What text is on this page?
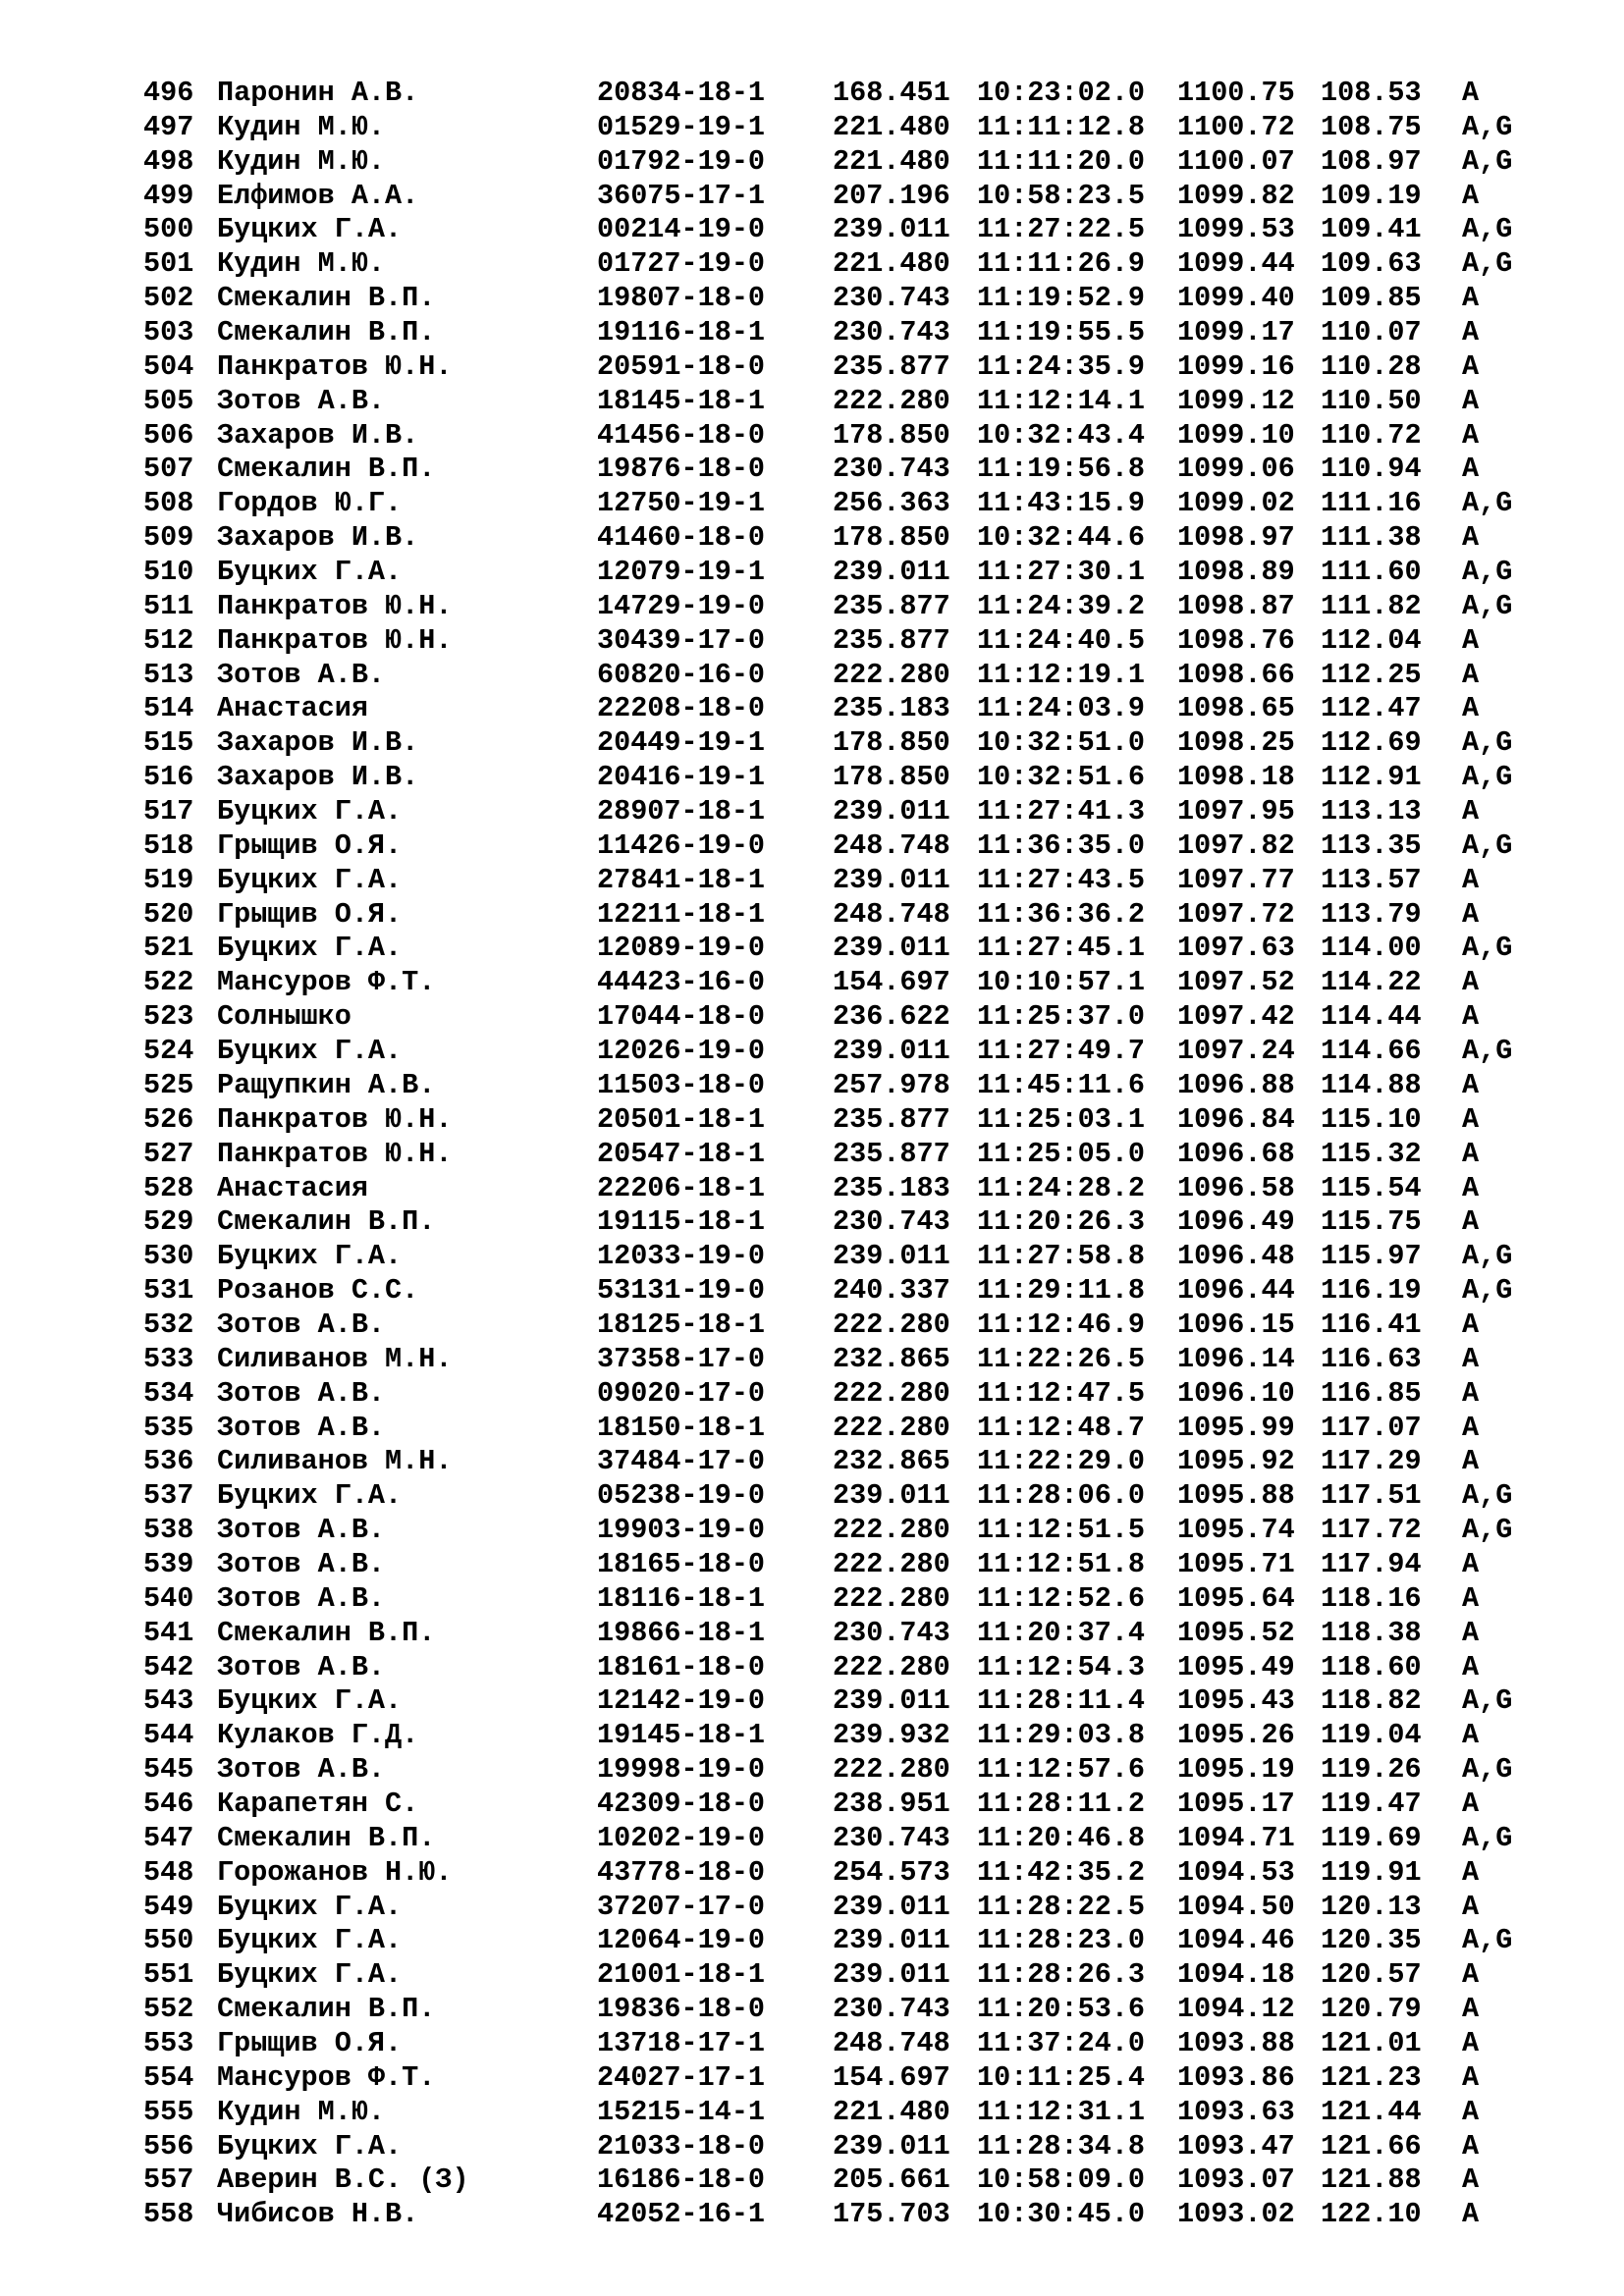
496 Паронин А.В.	20834-18-1 168.451 10:23:02.0 1100.75 108.53 A
497 Кудин М.Ю.	01529-19-1 221.480 11:11:12.8 1100.72 108.75 A,G
498 Кудин М.Ю.	01792-19-0 221.480 11:11:20.0 1100.07 108.97 A,G
499 Елфимов А.А.	36075-17-1 207.196 10:58:23.5 1099.82 109.19 A
500 Буцких Г.А.	00214-19-0 239.011 11:27:22.5 1099.53 109.41 A,G
501 Кудин М.Ю.	01727-19-0 221.480 11:11:26.9 1099.44 109.63 A,G
502 Смекалин В.П.	19807-18-0 230.743 11:19:52.9 1099.40 109.85 A
503 Смекалин В.П.	19116-18-1 230.743 11:19:55.5 1099.17 110.07 A
504 Панкратов Ю.Н.	20591-18-0 235.877 11:24:35.9 1099.16 110.28 A
505 Зотов А.В.	18145-18-1 222.280 11:12:14.1 1099.12 110.50 A
506 Захаров И.В.	41456-18-0 178.850 10:32:43.4 1099.10 110.72 A
507 Смекалин В.П.	19876-18-0 230.743 11:19:56.8 1099.06 110.94 A
508 Гордов Ю.Г.	12750-19-1 256.363 11:43:15.9 1099.02 111.16 A,G
509 Захаров И.В.	41460-18-0 178.850 10:32:44.6 1098.97 111.38 A
510 Буцких Г.А.	12079-19-1 239.011 11:27:30.1 1098.89 111.60 A,G
511 Панкратов Ю.Н.	14729-19-0 235.877 11:24:39.2 1098.87 111.82 A,G
512 Панкратов Ю.Н.	30439-17-0 235.877 11:24:40.5 1098.76 112.04 A
513 Зотов А.В.	60820-16-0 222.280 11:12:19.1 1098.66 112.25 A
514 Анастасия	22208-18-0 235.183 11:24:03.9 1098.65 112.47 A
515 Захаров И.В.	20449-19-1 178.850 10:32:51.0 1098.25 112.69 A,G
516 Захаров И.В.	20416-19-1 178.850 10:32:51.6 1098.18 112.91 A,G
517 Буцких Г.А.	28907-18-1 239.011 11:27:41.3 1097.95 113.13 A
518 Грыщив О.Я.	11426-19-0 248.748 11:36:35.0 1097.82 113.35 A,G
519 Буцких Г.А.	27841-18-1 239.011 11:27:43.5 1097.77 113.57 A
520 Грыщив О.Я.	12211-18-1 248.748 11:36:36.2 1097.72 113.79 A
521 Буцких Г.А.	12089-19-0 239.011 11:27:45.1 1097.63 114.00 A,G
522 Мансуров Ф.Т.	44423-16-0 154.697 10:10:57.1 1097.52 114.22 A
523 Солнышко	17044-18-0 236.622 11:25:37.0 1097.42 114.44 A
524 Буцких Г.А.	12026-19-0 239.011 11:27:49.7 1097.24 114.66 A,G
525 Ращупкин А.В.	11503-18-0 257.978 11:45:11.6 1096.88 114.88 A
526 Панкратов Ю.Н.	20501-18-1 235.877 11:25:03.1 1096.84 115.10 A
527 Панкратов Ю.Н.	20547-18-1 235.877 11:25:05.0 1096.68 115.32 A
528 Анастасия	22206-18-1 235.183 11:24:28.2 1096.58 115.54 A
529 Смекалин В.П.	19115-18-1 230.743 11:20:26.3 1096.49 115.75 A
530 Буцких Г.А.	12033-19-0 239.011 11:27:58.8 1096.48 115.97 A,G
531 Розанов С.С.	53131-19-0 240.337 11:29:11.8 1096.44 116.19 A,G
532 Зотов А.В.	18125-18-1 222.280 11:12:46.9 1096.15 116.41 A
533 Силиванов М.Н.	37358-17-0 232.865 11:22:26.5 1096.14 116.63 A
534 Зотов А.В.	09020-17-0 222.280 11:12:47.5 1096.10 116.85 A
535 Зотов А.В.	18150-18-1 222.280 11:12:48.7 1095.99 117.07 A
536 Силиванов М.Н.	37484-17-0 232.865 11:22:29.0 1095.92 117.29 A
537 Буцких Г.А.	05238-19-0 239.011 11:28:06.0 1095.88 117.51 A,G
538 Зотов А.В.	19903-19-0 222.280 11:12:51.5 1095.74 117.72 A,G
539 Зотов А.В.	18165-18-0 222.280 11:12:51.8 1095.71 117.94 A
540 Зотов А.В.	18116-18-1 222.280 11:12:52.6 1095.64 118.16 A
541 Смекалин В.П.	19866-18-1 230.743 11:20:37.4 1095.52 118.38 A
542 Зотов А.В.	18161-18-0 222.280 11:12:54.3 1095.49 118.60 A
543 Буцких Г.А.	12142-19-0 239.011 11:28:11.4 1095.43 118.82 A,G
544 Кулаков Г.Д.	19145-18-1 239.932 11:29:03.8 1095.26 119.04 A
545 Зотов А.В.	19998-19-0 222.280 11:12:57.6 1095.19 119.26 A,G
546 Карапетян С.	42309-18-0 238.951 11:28:11.2 1095.17 119.47 A
547 Смекалин В.П.	10202-19-0 230.743 11:20:46.8 1094.71 119.69 A,G
548 Горожанов Н.Ю.	43778-18-0 254.573 11:42:35.2 1094.53 119.91 A
549 Буцких Г.А.	37207-17-0 239.011 11:28:22.5 1094.50 120.13 A
550 Буцких Г.А.	12064-19-0 239.011 11:28:23.0 1094.46 120.35 A,G
551 Буцких Г.А.	21001-18-1 239.011 11:28:26.3 1094.18 120.57 A
552 Смекалин В.П.	19836-18-0 230.743 11:20:53.6 1094.12 120.79 A
553 Грыщив О.Я.	13718-17-1 248.748 11:37:24.0 1093.88 121.01 A
554 Мансуров Ф.Т.	24027-17-1 154.697 10:11:25.4 1093.86 121.23 A
555 Кудин М.Ю.	15215-14-1 221.480 11:12:31.1 1093.63 121.44 A
556 Буцких Г.А.	21033-18-0 239.011 11:28:34.8 1093.47 121.66 A
557 Аверин В.С. (З)	16186-18-0 205.661 10:58:09.0 1093.07 121.88 A
558 Чибисов Н.В.	42052-16-1 175.703 10:30:45.0 1093.02 122.10 A
